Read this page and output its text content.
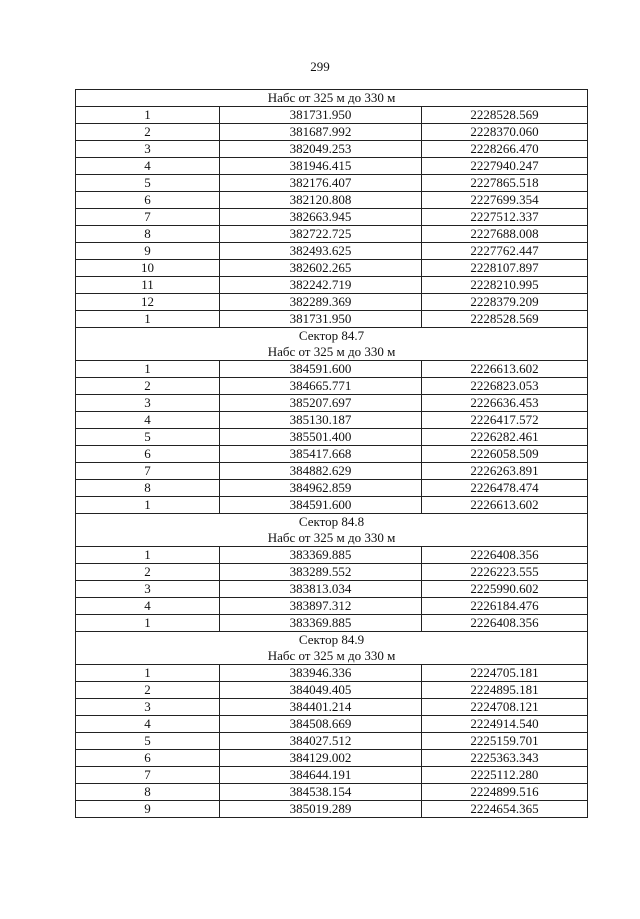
299
Набс от 325 м до 330 м		

1	381731.950	2228528.569
2	381687.992	2228370.060
3	382049.253	2228266.470
4	381946.415	2227940.247
5	382176.407	2227865.518
6	382120.808	2227699.354
7	382663.945	2227512.337
8	382722.725	2227688.008
9	382493.625	2227762.447
10	382602.265	2228107.897
11	382242.719	2228210.995
12	382289.369	2228379.209
1	381731.950	2228528.569

Сектор 84.7
Набс от 325 м до 330 м		

1	384591.600	2226613.602
2	384665.771	2226823.053
3	385207.697	2226636.453
4	385130.187	2226417.572
5	385501.400	2226282.461
6	385417.668	2226058.509
7	384882.629	2226263.891
8	384962.859	2226478.474
1	384591.600	2226613.602

Сектор 84.8
Набс от 325 м до 330 м		

1	383369.885	2226408.356
2	383289.552	2226223.555
3	383813.034	2225990.602
4	383897.312	2226184.476
1	383369.885	2226408.356

Сектор 84.9
Набс от 325 м до 330 м		

1	383946.336	2224705.181
2	384049.405	2224895.181
3	384401.214	2224708.121
4	384508.669	2224914.540
5	384027.512	2225159.701
6	384129.002	2225363.343
7	384644.191	2225112.280
8	384538.154	2224899.516
9	385019.289	2224654.365
